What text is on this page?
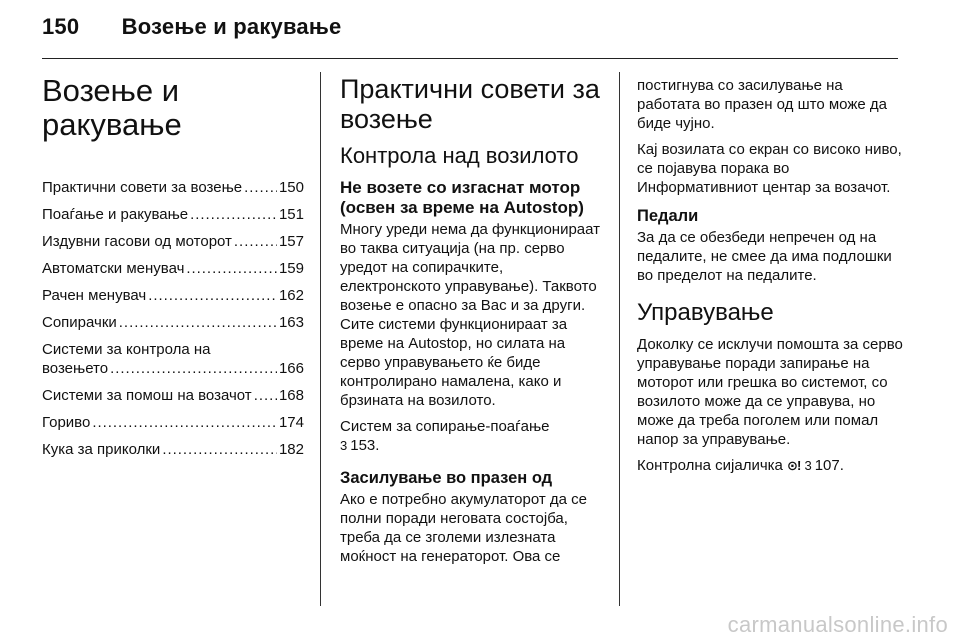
150 Возење и ракување
Возење и ракување
Практични совети за возење . . . 150
Поаѓање и ракување . . .	151
Издувни гасови од моторот . . .	157
Автоматски менувач . . .	159
Рачен менувач . . .	162
Сопирачки . . .	163
Системи за контрола на
возењето . . .	166
Системи за помош на возачот . . . 168
Гориво . . .	174
Кука за приколки . . .	182
Практични совети за возење
Контрола над возилото
Не возете со изгаснат мотор (освен за време на Autostop)
Многу уреди нема да функционираат во таква ситуација (на пр. серво уредот на сопирачките, електронското управување). Таквото возење е опасно за Вас и за други. Сите системи функционираат за време на Autostop, но силата на серво управувањето ќе биде контролирано намалена, како и брзината на возилото.
Систем за сопирање-поаѓање
3 153.
Засилување во празен од
Ако е потребно акумулаторот да се полни поради неговата состојба, треба да се зголеми излезната моќност на генераторот. Ова се
постигнува со засилување на работата во празен од што може да биде чујно.
Кај возилата со екран со високо ниво, се појавува порака во Информативниот центар за возачот.
Педали
За да се обезбеди непречен од на педалите, не смее да има подлошки во пределот на педалите.
Управување
Доколку се исклучи помошта за серво управување поради запирање на моторот или грешка во системот, со возилото може да се управува, но може да треба поголем или помал напор за управување.
Контролна сијаличка ⊙! 3 107.
carmanualsonline.info
